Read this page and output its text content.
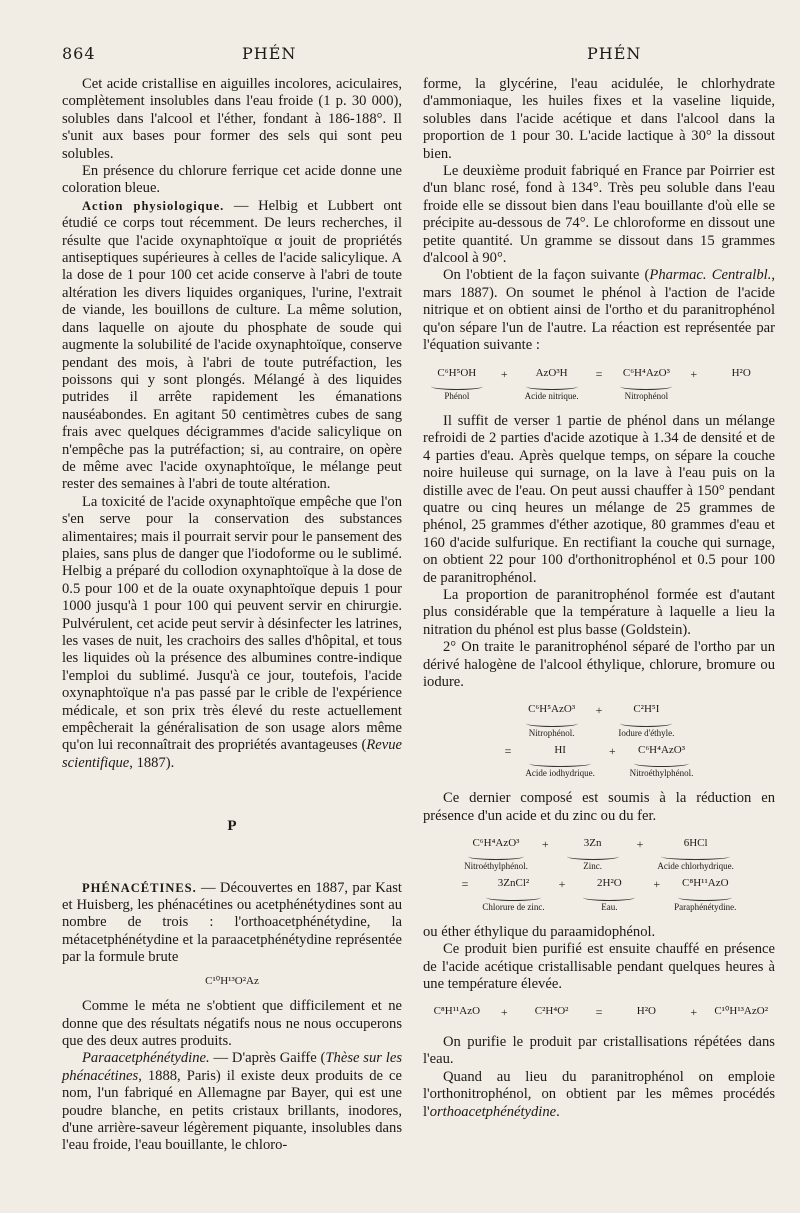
864	PHÉN	PHÉN

Cet acide cristallise en aiguilles incolores, aciculaires, complètement insolubles dans l'eau froide (1 p. 30 000), solubles dans l'alcool et l'éther, fondant à 186-188°. Il s'unit aux bases pour former des sels qui sont peu solubles.

En présence du chlorure ferrique cet acide donne une coloration bleue.

Action physiologique. — Helbig et Lubbert ont étudié ce corps tout récemment. De leurs recherches, il résulte que l'acide oxynaphtoïque α jouit de propriétés antiseptiques supérieures à celles de l'acide salicylique. A la dose de 1 pour 100 cet acide conserve à l'abri de toute altération les divers liquides organiques, l'urine, l'extrait de viande, les bouillons de culture. La même solution, dans laquelle on ajoute du phosphate de soude qui augmente la solubilité de l'acide oxynaphtoïque, conserve pendant des mois, à l'abri de toute putréfaction, les poissons qui y sont plongés. Mélangé à des liquides putrides il arrête rapidement les émanations nauséabondes. En agitant 50 centimètres cubes de sang frais avec quelques décigrammes d'acide salicylique on n'empêche pas la putréfaction; si, au contraire, on opère de même avec l'acide oxynaphtoïque, le mélange peut rester des semaines à l'abri de toute altération.

La toxicité de l'acide oxynaphtoïque empêche que l'on s'en serve pour la conservation des substances alimentaires; mais il pourrait servir pour le pansement des plaies, sans plus de danger que l'iodoforme ou le sublimé. Helbig a préparé du collodion oxynaphtoïque à la dose de 0.5 pour 100 et de la ouate oxynaphtoïque depuis 1 pour 1000 jusqu'à 1 pour 100 qui peuvent servir en chirurgie. Pulvérulent, cet acide peut servir à désinfecter les latrines, les vases de nuit, les crachoirs des salles d'hôpital, et tous les liquides où la présence des albumines contre-indique l'emploi du sublimé. Jusqu'à ce jour, toutefois, l'acide oxynaphtoïque n'a pas passé par le crible de l'expérience médicale, et son prix très élevé du reste actuellement empêcherait la généralisation de son usage alors même qu'on lui reconnaîtrait des propriétés avantageuses (Revue scientifique, 1887).

P

PHÉNACÉTINES. — Découvertes en 1887, par Kast et Huisberg, les phénacétines ou acetphénétydines sont au nombre de trois : l'orthoacetphénétydine, la métacetphénétydine et la paraacetphénétydine représentée par la formule brute

C¹⁰H¹³O²Az

Comme le méta ne s'obtient que difficilement et ne donne que des résultats négatifs nous ne nous occuperons que des deux autres produits.

Paraacetphénétydine. — D'après Gaiffe (Thèse sur les phénacétines, 1888, Paris) il existe deux produits de ce nom, l'un fabriqué en Allemagne par Bayer, qui est une poudre blanche, en petits cristaux brillants, inodores, d'une arrière-saveur légèrement piquante, insolubles dans l'eau froide, l'eau bouillante, le chloro-

forme, la glycérine, l'eau acidulée, le chlorhydrate d'ammoniaque, les huiles fixes et la vaseline liquide, solubles dans l'acide acétique et dans l'alcool dans la proportion de 1 pour 30. L'acide lactique à 30° la dissout bien.

Le deuxième produit fabriqué en France par Poirrier est d'un blanc rosé, fond à 134°. Très peu soluble dans l'eau froide elle se dissout bien dans l'eau bouillante d'où elle se précipite au-dessous de 74°. Le chloroforme en dissout une petite quantité. Un gramme se dissout dans 15 grammes d'alcool à 90°.

On l'obtient de la façon suivante (Pharmac. Centralbl., mars 1887). On soumet le phénol à l'action de l'acide nitrique et on obtient ainsi de l'ortho et du paranitrophénol qu'on sépare l'un de l'autre. La réaction est représentée par l'équation suivante :

C⁶H⁵OH
Phénol
+	AzO³H
Acide nitrique.
=	C⁶H⁴AzO³
Nitrophénol
+	H²O

Il suffit de verser 1 partie de phénol dans un mélange refroidi de 2 parties d'acide azotique à 1.34 de densité et de 4 parties d'eau. Après quelque temps, on sépare la couche noire huileuse qui surnage, on la lave à l'eau puis on la distille avec de l'eau. On peut aussi chauffer à 150° pendant quatre ou cinq heures un mélange de 25 grammes de phénol, 25 grammes d'éther azotique, 80 grammes d'eau et 160 d'acide sulfurique. En rectifiant la couche qui surnage, on obtient 22 pour 100 d'orthonitrophénol et 0.5 pour 100 de paranitrophénol.

La proportion de paranitrophénol formée est d'autant plus considérable que la température à laquelle a lieu la nitration du phénol est plus basse (Goldstein).

2° On traite le paranitrophénol séparé de l'ortho par un dérivé halogène de l'alcool éthylique, chlorure, bromure ou iodure.

C⁶H⁵AzO³
Nitrophénol.
+	C²H⁵I
Iodure d'éthyle.
=	HI
Acide iodhydrique.
+	C⁶H⁴AzO³
Nitroéthylphénol.

Ce dernier composé est soumis à la réduction en présence d'un acide et du zinc ou du fer.

C⁶H⁴AzO³
Nitroéthylphénol.
+	3Zn
Zinc.
+	6HCl
Acide chlorhydrique.
=	3ZnCl²
Chlorure de zinc.
+	2H²O
Eau.
+	C⁸H¹¹AzO
Paraphénétydine.

ou éther éthylique du paraamidophénol.

Ce produit bien purifié est ensuite chauffé en présence de l'acide acétique cristallisable pendant quelques heures à une température élevée.

C⁸H¹¹AzO	+	C²H⁴O²	=	H²O	+ C¹⁰H¹³AzO²

On purifie le produit par cristallisations répétées dans l'eau.

Quand au lieu du paranitrophénol on emploie l'orthonitrophénol, on obtient par les mêmes procédés l'orthoacetphénétydine.
